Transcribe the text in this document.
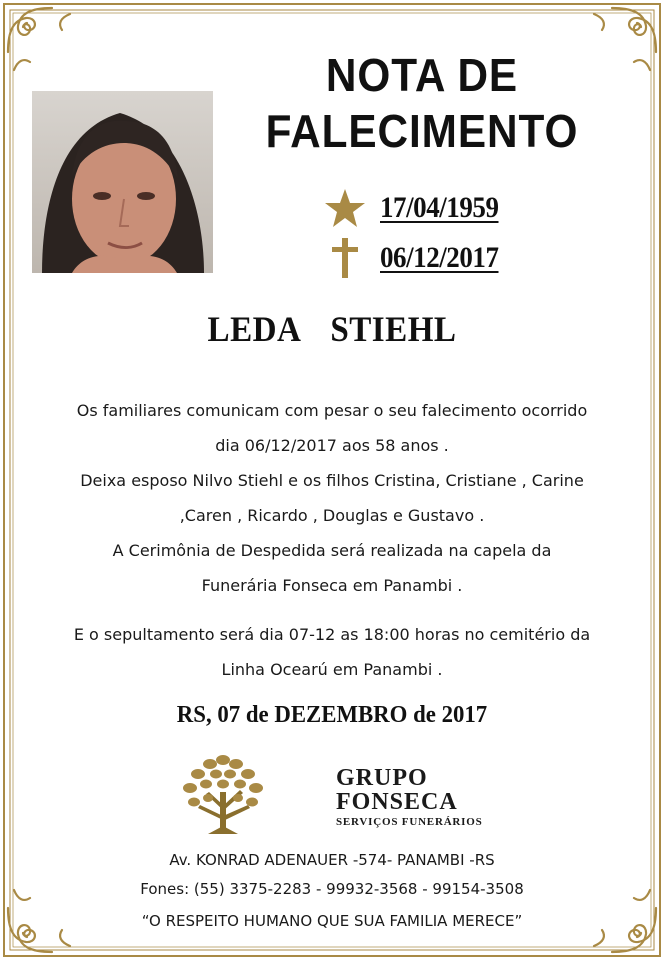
NOTA DE
FALECIMENTO
17/04/1959
06/12/2017
LEDA STIEHL
Os familiares comunicam com pesar o seu falecimento ocorrido
dia 06/12/2017 aos 58 anos .
Deixa esposo Nilvo Stiehl e os filhos Cristina, Cristiane , Carine
,Caren , Ricardo , Douglas e Gustavo .
A Cerimônia de Despedida será realizada na capela da
Funerária Fonseca em Panambi .
E o sepultamento será dia 07-12 as 18:00 horas no cemitério da
Linha Ocearú em Panambi .
RS, 07 de DEZEMBRO de 2017
GRUPO
FONSECA
SERVIÇOS FUNERÁRIOS
Av. KONRAD ADENAUER -574- PANAMBI -RS
Fones: (55) 3375-2283 - 99932-3568 - 99154-3508
“O RESPEITO HUMANO QUE SUA FAMILIA MERECE”
